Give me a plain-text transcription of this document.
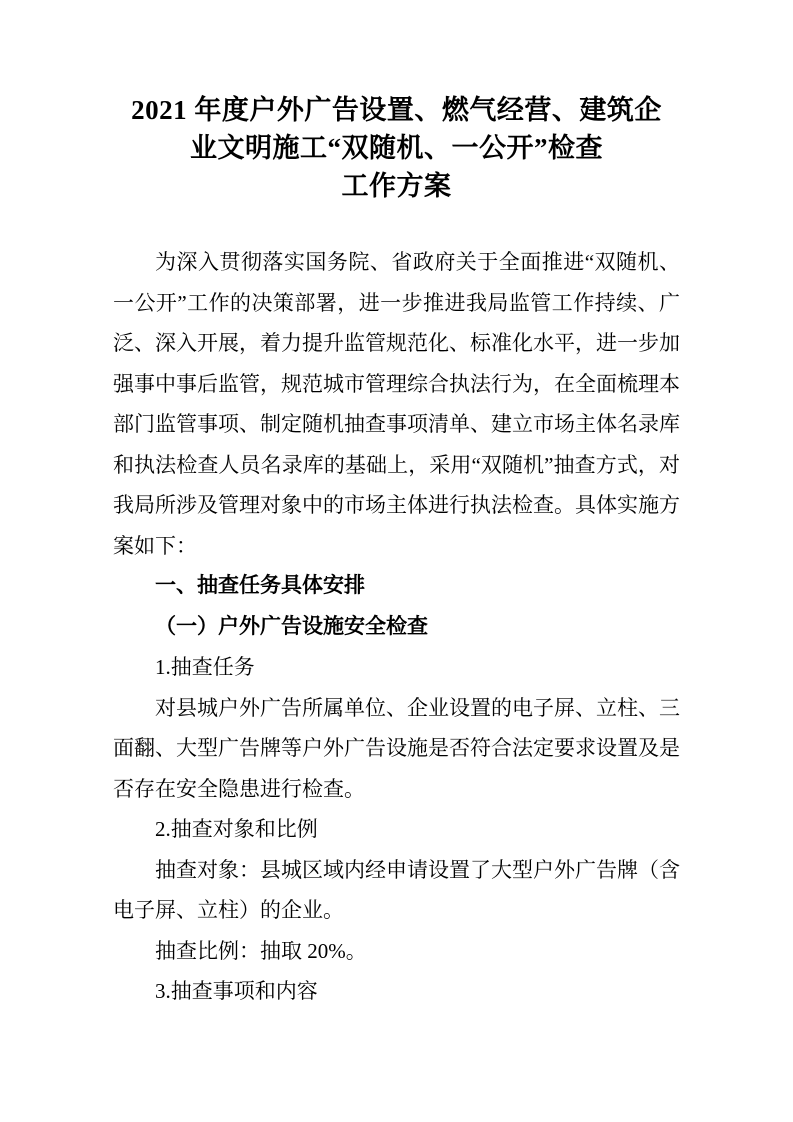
2021 年度户外广告设置、燃气经营、建筑企
业文明施工“双随机、一公开”检查
工作方案

为深入贯彻落实国务院、省政府关于全面推进“双随机、一公开”工作的决策部署，进一步推进我局监管工作持续、广泛、深入开展，着力提升监管规范化、标准化水平，进一步加强事中事后监管，规范城市管理综合执法行为，在全面梳理本部门监管事项、制定随机抽查事项清单、建立市场主体名录库和执法检查人员名录库的基础上，采用“双随机”抽查方式，对我局所涉及管理对象中的市场主体进行执法检查。具体实施方案如下：

一、抽查任务具体安排

（一）户外广告设施安全检查

1.抽查任务

对县城户外广告所属单位、企业设置的电子屏、立柱、三面翻、大型广告牌等户外广告设施是否符合法定要求设置及是否存在安全隐患进行检查。

2.抽查对象和比例

抽查对象：县城区域内经申请设置了大型户外广告牌（含电子屏、立柱）的企业。

抽查比例：抽取 20%。

3.抽查事项和内容
